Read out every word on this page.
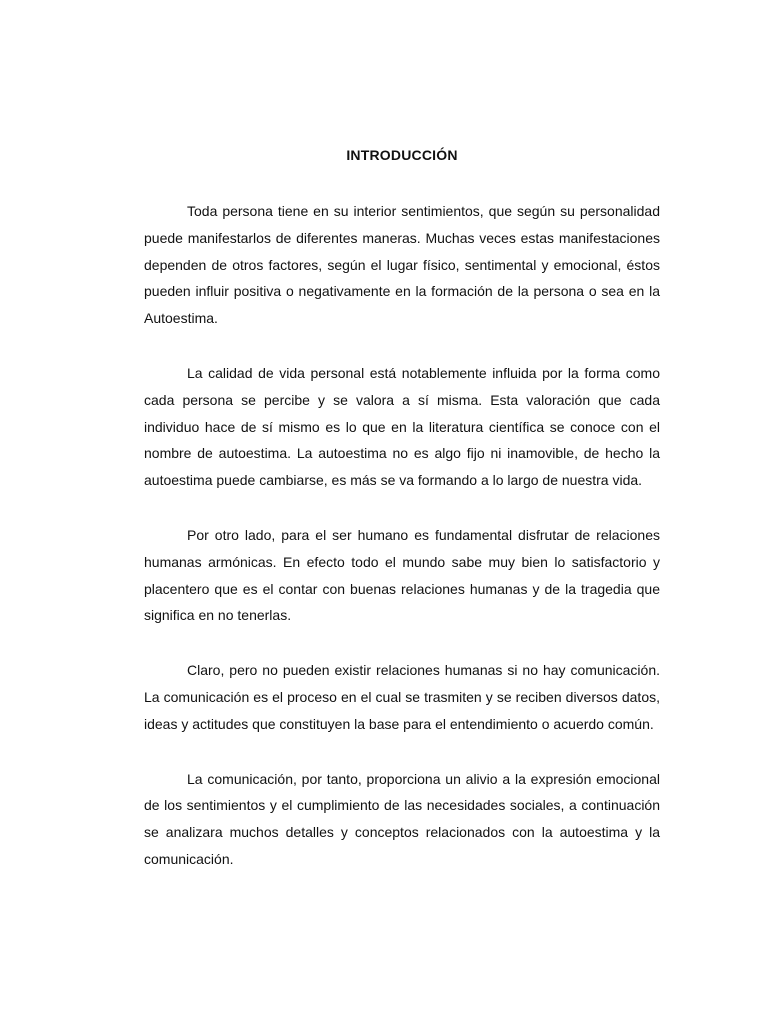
INTRODUCCIÓN

Toda persona tiene en su interior sentimientos, que según su personalidad puede manifestarlos de diferentes maneras. Muchas veces estas manifestaciones dependen de otros factores, según el lugar físico, sentimental y emocional, éstos pueden influir positiva o negativamente en la formación de la persona o sea en la Autoestima.

La calidad de vida personal está notablemente influida por la forma como cada persona se percibe y se valora a sí misma. Esta valoración que cada individuo hace de sí mismo es lo que en la literatura científica se conoce con el nombre de autoestima. La autoestima no es algo fijo ni inamovible, de hecho la autoestima puede cambiarse, es más se va formando a lo largo de nuestra vida.

Por otro lado, para el ser humano es fundamental disfrutar de relaciones humanas armónicas. En efecto todo el mundo sabe muy bien lo satisfactorio y placentero que es el contar con buenas relaciones humanas y de la tragedia que significa en no tenerlas.

Claro, pero no pueden existir relaciones humanas si no hay comunicación. La comunicación es el proceso en el cual se trasmiten y se reciben diversos datos, ideas y actitudes que constituyen la base para el entendimiento o acuerdo común.

La comunicación, por tanto, proporciona un alivio a la expresión emocional de los sentimientos y el cumplimiento de las necesidades sociales, a continuación se analizara muchos detalles y conceptos relacionados con la autoestima y la comunicación.
